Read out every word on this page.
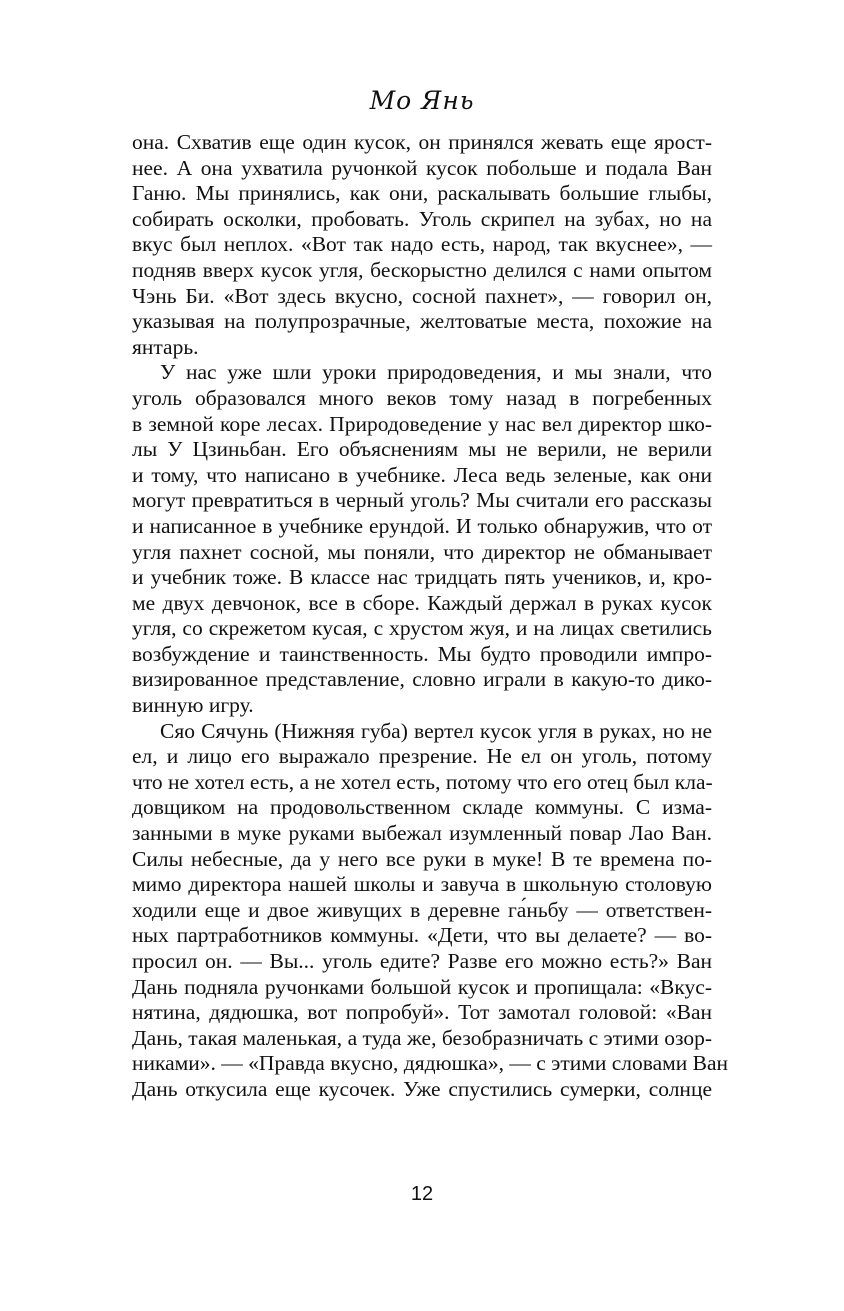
Мо Янь
она. Схватив еще один кусок, он принялся жевать еще ярост-
нее. А она ухватила ручонкой кусок побольше и подала Ван
Ганю. Мы принялись, как они, раскалывать большие глыбы,
собирать осколки, пробовать. Уголь скрипел на зубах, но на
вкус был неплох. «Вот так надо есть, народ, так вкуснее», —
подняв вверх кусок угля, бескорыстно делился с нами опытом
Чэнь Би. «Вот здесь вкусно, сосной пахнет», — говорил он,
указывая на полупрозрачные, желтоватые места, похожие на
янтарь.
У нас уже шли уроки природоведения, и мы знали, что
уголь образовался много веков тому назад в погребенных
в земной коре лесах. Природоведение у нас вел директор шко-
лы У Цзиньбан. Его объяснениям мы не верили, не верили
и тому, что написано в учебнике. Леса ведь зеленые, как они
могут превратиться в черный уголь? Мы считали его рассказы
и написанное в учебнике ерундой. И только обнаружив, что от
угля пахнет сосной, мы поняли, что директор не обманывает
и учебник тоже. В классе нас тридцать пять учеников, и, кро-
ме двух девчонок, все в сборе. Каждый держал в руках кусок
угля, со скрежетом кусая, с хрустом жуя, и на лицах светились
возбуждение и таинственность. Мы будто проводили импро-
визированное представление, словно играли в какую-то дико-
винную игру.
Сяо Сячунь (Нижняя губа) вертел кусок угля в руках, но не
ел, и лицо его выражало презрение. Не ел он уголь, потому
что не хотел есть, а не хотел есть, потому что его отец был кла-
довщиком на продовольственном складе коммуны. С изма-
занными в муке руками выбежал изумленный повар Лао Ван.
Силы небесные, да у него все руки в муке! В те времена по-
мимо директора нашей школы и завуча в школьную столовую
ходили еще и двое живущих в деревне га́ньбу — ответствен-
ных партработников коммуны. «Дети, что вы делаете? — во-
просил он. — Вы... уголь едите? Разве его можно есть?» Ван
Дань подняла ручонками большой кусок и пропищала: «Вкус-
нятина, дядюшка, вот попробуй». Тот замотал головой: «Ван
Дань, такая маленькая, а туда же, безобразничать с этими озор-
никами». — «Правда вкусно, дядюшка», — с этими словами Ван
Дань откусила еще кусочек. Уже спустились сумерки, солнце
12
